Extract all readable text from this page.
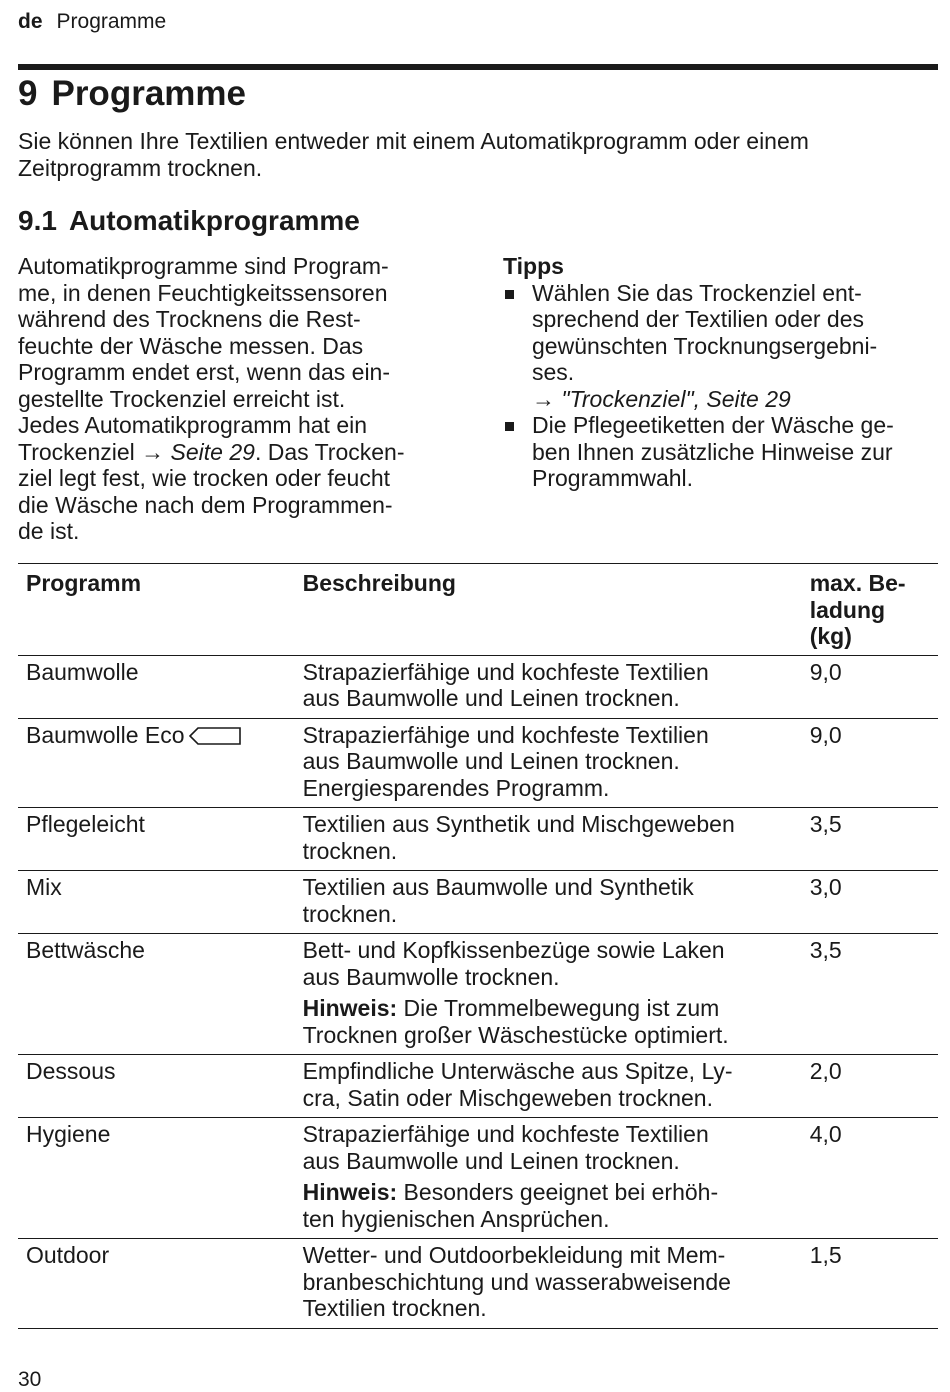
de Programme
9 Programme
Sie können Ihre Textilien entweder mit einem Automatikprogramm oder einem
Zeitprogramm trocknen.
9.1 Automatikprogramme
Automatikprogramme sind Program-
me, in denen Feuchtigkeitssensoren
während des Trocknens die Rest-
feuchte der Wäsche messen. Das
Programm endet erst, wenn das ein-
gestellte Trockenziel erreicht ist.
Jedes Automatikprogramm hat ein
Trockenziel → Seite 29. Das Trocken-
ziel legt fest, wie trocken oder feucht
die Wäsche nach dem Programmen-
de ist.
Tipps
Wählen Sie das Trockenziel ent-
sprechend der Textilien oder des
gewünschten Trocknungsergebni-
ses.
→ "Trockenziel", Seite 29
Die Pflegeetiketten der Wäsche ge-
ben Ihnen zusätzliche Hinweise zur
Programmwahl.
Programm	Beschreibung	max. Be-
ladung
(kg)

Baumwolle	Strapazierfähige und kochfeste Textilien
aus Baumwolle und Leinen trocknen.	9,0
Baumwolle Eco	Strapazierfähige und kochfeste Textilien
aus Baumwolle und Leinen trocknen.
Energiesparendes Programm.	9,0
Pflegeleicht	Textilien aus Synthetik und Mischgeweben
trocknen.	3,5
Mix	Textilien aus Baumwolle und Synthetik
trocknen.	3,0
Bettwäsche	Bett- und Kopfkissenbezüge sowie Laken
aus Baumwolle trocknen.
Hinweis: Die Trommelbewegung ist zum
Trocknen großer Wäschestücke optimiert.	3,5
Dessous	Empfindliche Unterwäsche aus Spitze, Ly-
cra, Satin oder Mischgeweben trocknen.	2,0
Hygiene	Strapazierfähige und kochfeste Textilien
aus Baumwolle und Leinen trocknen.
Hinweis: Besonders geeignet bei erhöh-
ten hygienischen Ansprüchen.	4,0
Outdoor	Wetter- und Outdoorbekleidung mit Mem-
branbeschichtung und wasserabweisende
Textilien trocknen.	1,5
30
